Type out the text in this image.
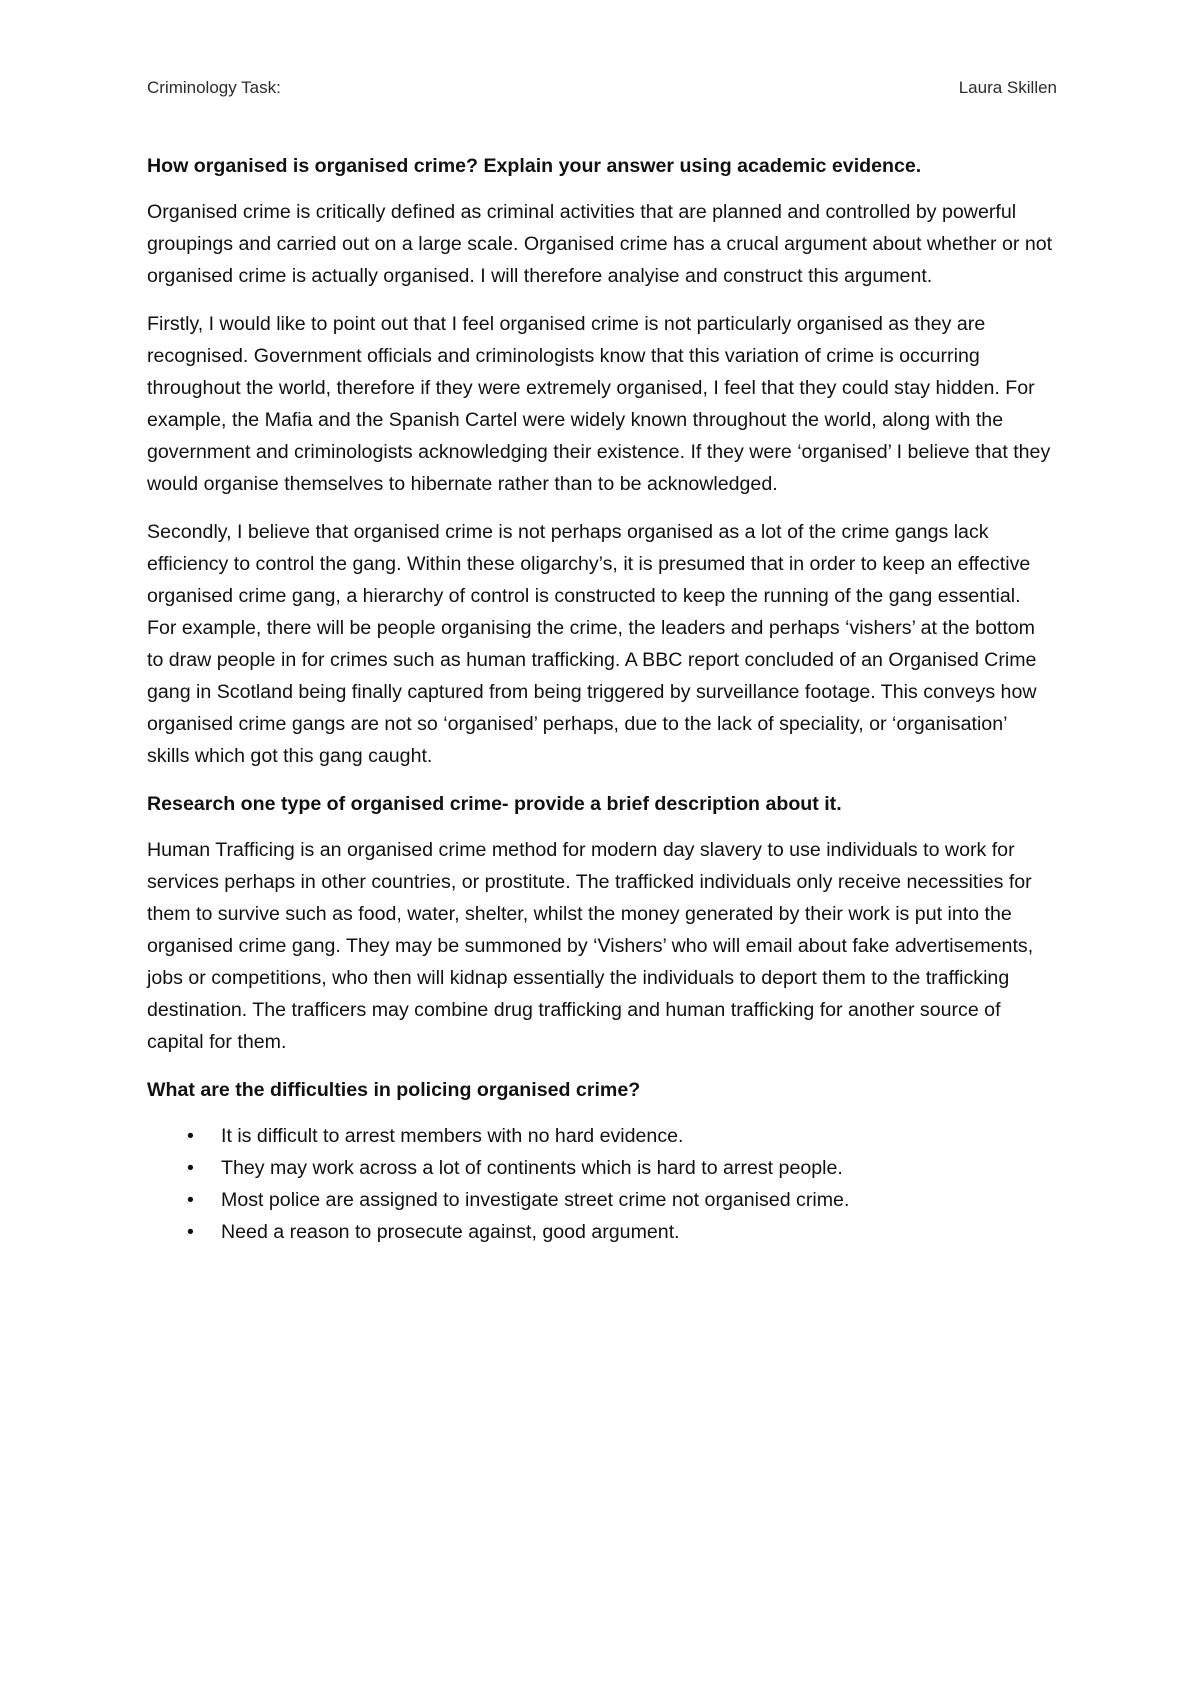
Criminology Task:	Laura Skillen

How organised is organised crime? Explain your answer using academic evidence.

Organised crime is critically defined as criminal activities that are planned and controlled by powerful groupings and carried out on a large scale. Organised crime has a crucal argument about whether or not organised crime is actually organised. I will therefore analyise and construct this argument.

Firstly, I would like to point out that I feel organised crime is not particularly organised as they are recognised. Government officials and criminologists know that this variation of crime is occurring throughout the world, therefore if they were extremely organised, I feel that they could stay hidden. For example, the Mafia and the Spanish Cartel were widely known throughout the world, along with the government and criminologists acknowledging their existence. If they were ‘organised’ I believe that they would organise themselves to hibernate rather than to be acknowledged.

Secondly, I believe that organised crime is not perhaps organised as a lot of the crime gangs lack efficiency to control the gang. Within these oligarchy’s, it is presumed that in order to keep an effective organised crime gang, a hierarchy of control is constructed to keep the running of the gang essential. For example, there will be people organising the crime, the leaders and perhaps ‘vishers’ at the bottom to draw people in for crimes such as human trafficking. A BBC report concluded of an Organised Crime gang in Scotland being finally captured from being triggered by surveillance footage. This conveys how organised crime gangs are not so ‘organised’ perhaps, due to the lack of speciality, or ‘organisation’ skills which got this gang caught.

Research one type of organised crime- provide a brief description about it.

Human Trafficing is an organised crime method for modern day slavery to use individuals to work for services perhaps in other countries, or prostitute. The trafficked individuals only receive necessities for them to survive such as food, water, shelter, whilst the money generated by their work is put into the organised crime gang. They may be summoned by ‘Vishers’ who will email about fake advertisements, jobs or competitions, who then will kidnap essentially the individuals to deport them to the trafficking destination. The trafficers may combine drug trafficking and human trafficking for another source of capital for them.

What are the difficulties in policing organised crime?

•	It is difficult to arrest members with no hard evidence.
•	They may work across a lot of continents which is hard to arrest people.
•	Most police are assigned to investigate street crime not organised crime.
•	Need a reason to prosecute against, good argument.
